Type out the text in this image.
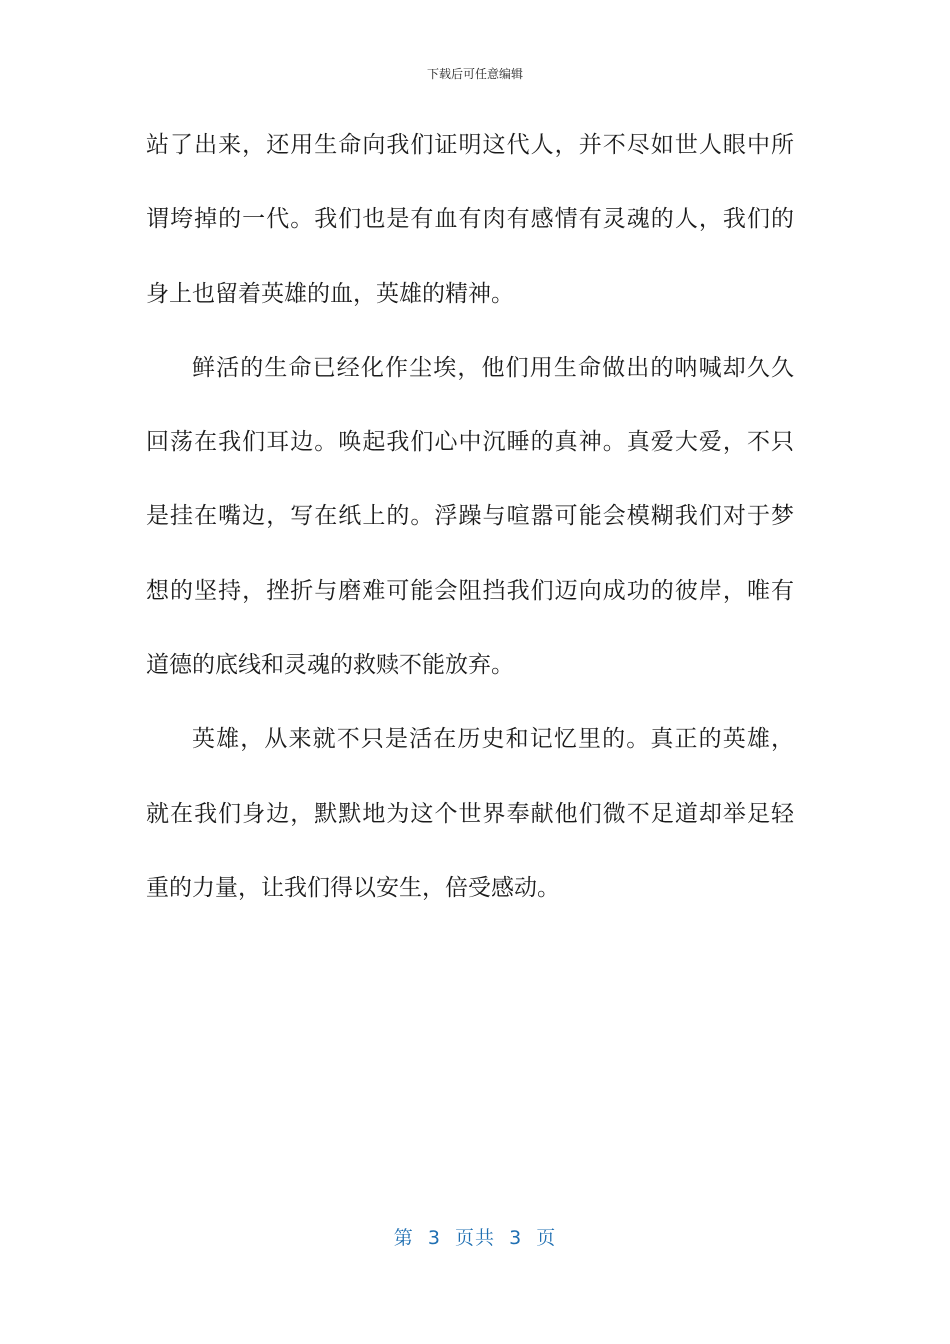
下载后可任意编辑
站了出来，还用生命向我们证明这代人，并不尽如世人眼中所
谓垮掉的一代。我们也是有血有肉有感情有灵魂的人，我们的
身上也留着英雄的血，英雄的精神。
鲜活的生命已经化作尘埃，他们用生命做出的呐喊却久久
回荡在我们耳边。唤起我们心中沉睡的真神。真爱大爱，不只
是挂在嘴边，写在纸上的。浮躁与喧嚣可能会模糊我们对于梦
想的坚持，挫折与磨难可能会阻挡我们迈向成功的彼岸，唯有
道德的底线和灵魂的救赎不能放弃。
英雄，从来就不只是活在历史和记忆里的。真正的英雄，
就在我们身边，默默地为这个世界奉献他们微不足道却举足轻
重的力量，让我们得以安生，倍受感动。
第  3  页共  3  页
